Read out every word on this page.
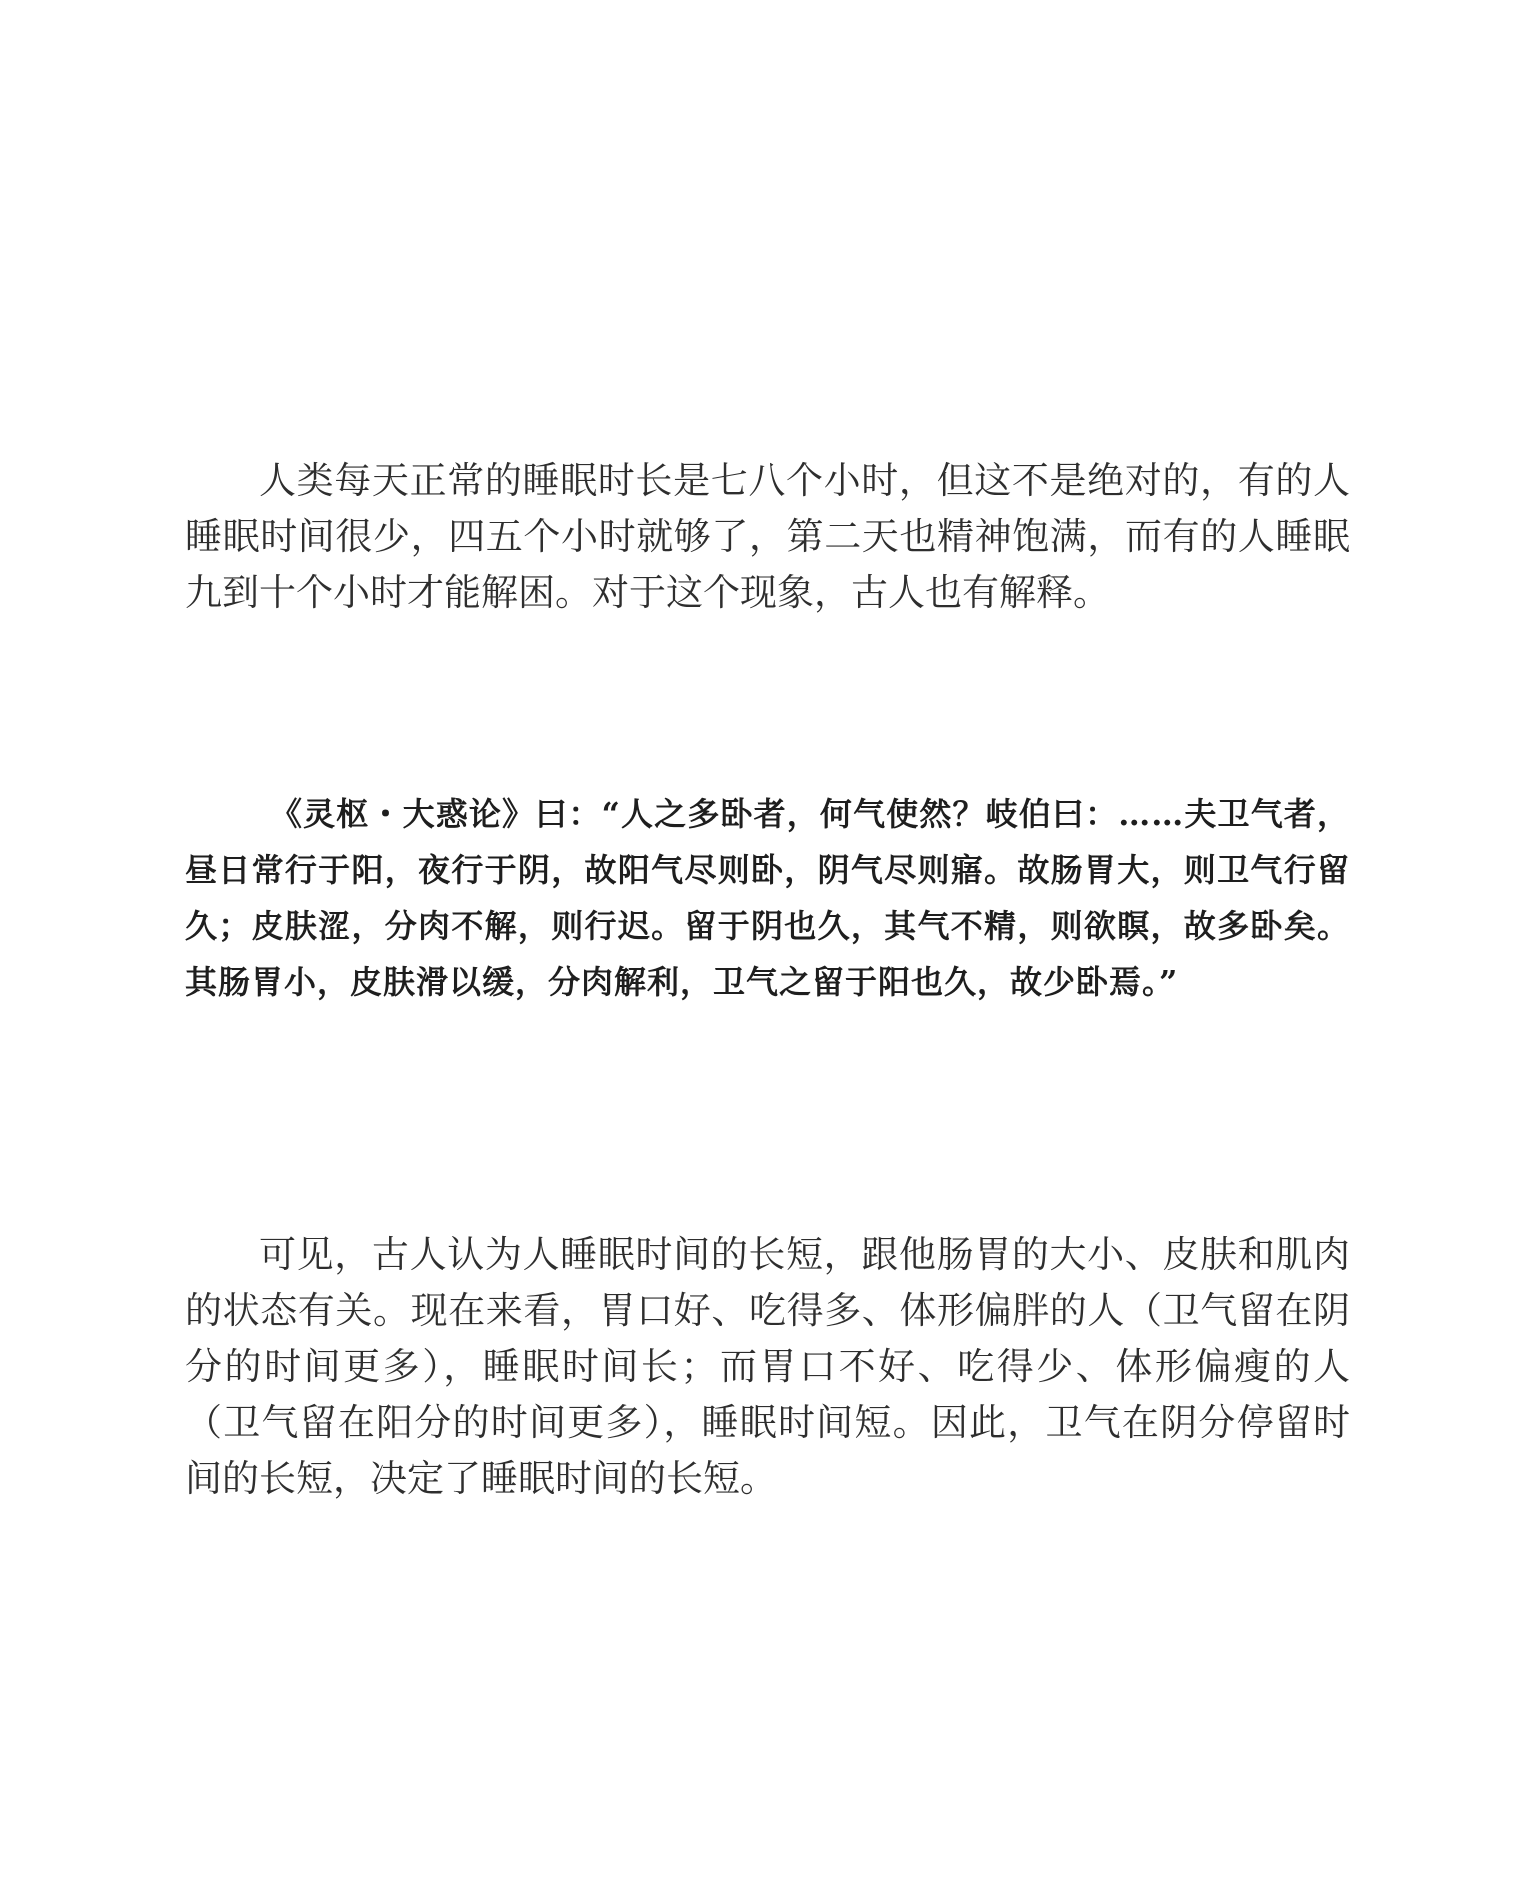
人类每天正常的睡眠时长是七八个小时，但这不是绝对的，有的人睡眠时间很少，四五个小时就够了，第二天也精神饱满，而有的人睡眠九到十个小时才能解困。对于这个现象，古人也有解释。

《灵枢・大惑论》曰：“人之多卧者，何气使然？岐伯曰：……夫卫气者，昼日常行于阳，夜行于阴，故阳气尽则卧，阴气尽则寤。故肠胃大，则卫气行留久；皮肤涩，分肉不解，则行迟。留于阴也久，其气不精，则欲瞑，故多卧矣。其肠胃小，皮肤滑以缓，分肉解利，卫气之留于阳也久，故少卧焉。”

可见，古人认为人睡眠时间的长短，跟他肠胃的大小、皮肤和肌肉的状态有关。现在来看，胃口好、吃得多、体形偏胖的人（卫气留在阴分的时间更多），睡眠时间长；而胃口不好、吃得少、体形偏瘦的人（卫气留在阳分的时间更多），睡眠时间短。因此，卫气在阴分停留时间的长短，决定了睡眠时间的长短。
